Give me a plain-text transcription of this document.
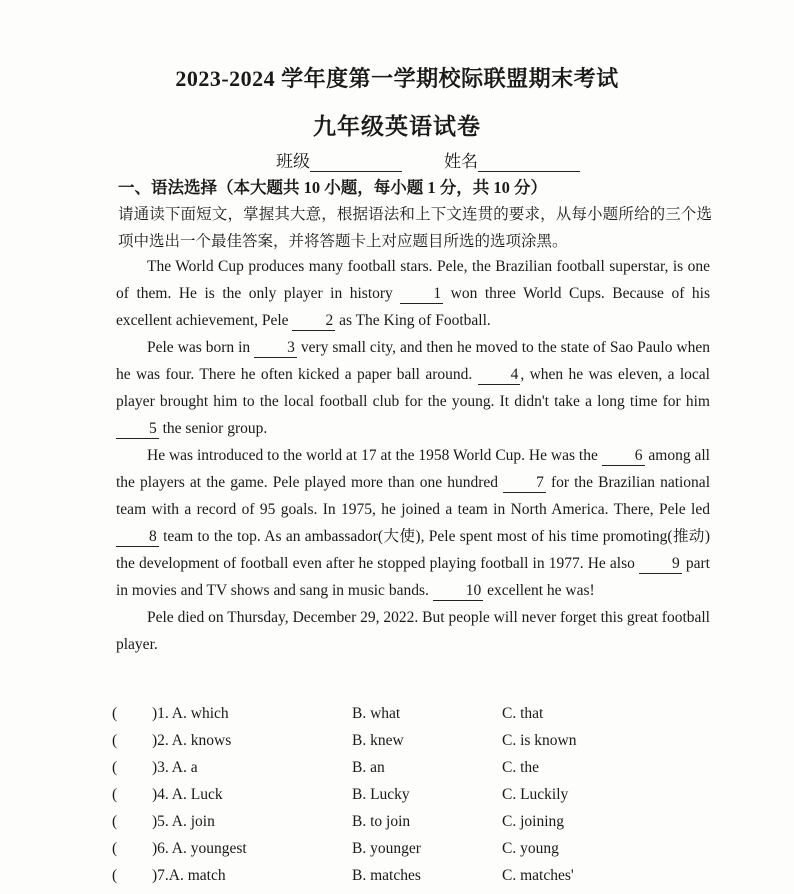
2023-2024 学年度第一学期校际联盟期末考试
九年级英语试卷
班级	姓名
一、语法选择（本大题共 10 小题，每小题 1 分，共 10 分）
请通读下面短文，掌握其大意，根据语法和上下文连贯的要求，从每小题所给的三个选项中选出一个最佳答案，并将答题卡上对应题目所选的选项涂黑。

The World Cup produces many football stars. Pele, the Brazilian football superstar, is one of them. He is the only player in history 1 won three World Cups. Because of his excellent achievement, Pele 2 as The King of Football.

Pele was born in 3 very small city, and then he moved to the state of Sao Paulo when he was four. There he often kicked a paper ball around. 4 , when he was eleven, a local player brought him to the local football club for the young. It didn't take a long time for him 5 the senior group.

He was introduced to the world at 17 at the 1958 World Cup. He was the 6 among all the players at the game. Pele played more than one hundred 7 for the Brazilian national team with a record of 95 goals. In 1975, he joined a team in North America. There, Pele led 8 team to the top. As an ambassador(大使), Pele spent most of his time promoting(推动) the development of football even after he stopped playing football in 1977. He also 9 part in movies and TV shows and sang in music bands. 10 excellent he was!

Pele died on Thursday, December 29, 2022. But people will never forget this great football player.

( )1. A. which	B. what	C. that
( )2. A. knows	B. knew	C. is known
( )3. A. a	B. an	C. the
( )4. A. Luck	B. Lucky	C. Luckily
( )5. A. join	B. to join	C. joining
( )6. A. youngest	B. younger	C. young
( )7.A. match	B. matches	C. matches'
